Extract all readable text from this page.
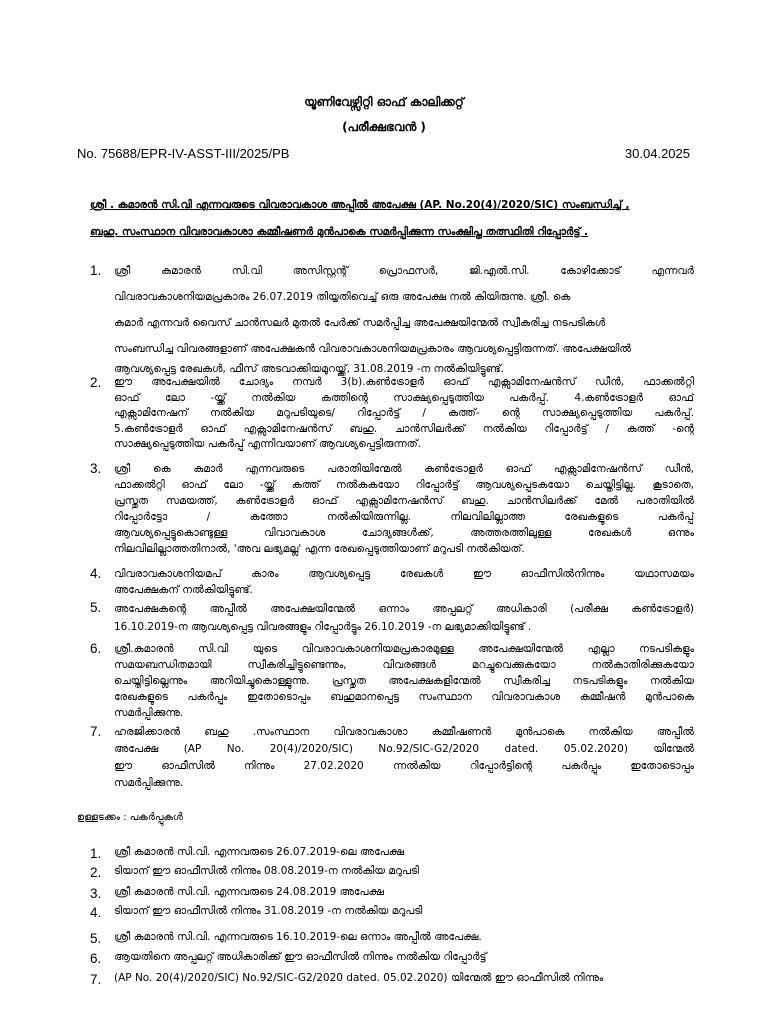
യൂണിവേഴ്സിറ്റി ഓഫ് കാലിക്കറ്റ്
(പരീക്ഷഭവൻ )
No. 75688/EPR-IV-ASST-III/2025/PB	30.04.2025
ശ്രീ . കമാരൻ സി.വി എന്നവരുടെ വിവരാവകാശ അപ്പീൽ അപേക്ഷ (AP. No.20(4)/2020/SIC) സംബന്ധിച്ച് ,
ബഹു. സംസ്ഥാന വിവരാവകാശാ കമ്മീഷണർ മുൻപാകെ സമർപ്പിക്കുന്ന സംക്ഷിപ്ത തത്സ്ഥിതി റിപ്പോർട്ട് .
1. ശ്രീ കമാരൻ സി.വി അസിസ്റ്റന്റ് പ്രൊഫസർ, ജി.എൽ.സി. കോഴിക്കോട് എന്നവർ
വിവരാവകാശനിയമപ്രകാരം 26.07.2019 തിയ്യതിവെച്ച് ഒരു അപേക്ഷ നൽ കിയിരുന്നു. ശ്രീ. കെ
കമാർ എന്നവർ വൈസ് ചാൻസലർ മുതൽ പേർക്ക് സമർപ്പിച്ച അപേക്ഷയിന്മേൽ സ്വീകരിച്ച നടപടികൾ
സംബന്ധിച്ച വിവരങ്ങളാണ് അപേക്ഷകൻ വിവരാവകാശനിയമപ്രകാരം ആവശ്യപ്പെട്ടിരുന്നത്. അപേക്ഷയിൽ
ആവശ്യപ്പെട്ട രേഖകൾ, ഫീസ് അടവാക്കിയമുറയ്ക്ക്, 31.08.2019 -ന നൽകിയിട്ടുണ്ട്.
2. ഈ അപേക്ഷയിൽ ചോദ്യം നമ്പർ 3(b).കൺട്രോളർ ഓഫ് എക്സാമിനേഷൻസ് ഡീൻ, ഫാക്കൽറ്റി
ഓഫ് ലോ -യ്ക്ക് നൽകിയ കത്തിന്റെ സാക്ഷ്യപ്പെടുത്തിയ പകർപ്പ്. 4.കൺട്രോളർ ഓഫ്
എക്സാമിനേഷന് നൽകിയ മറുപടിയുടെ/ റിപ്പോർട്ട് / കത്ത്- ന്റെ സാക്ഷ്യപ്പെടുത്തിയ പകർപ്പ്.
5.കൺട്രോളർ ഓഫ് എക്സാമിനേഷൻസ് ബഹു. ചാൻസിലർക്ക് നൽകിയ റിപ്പോർട്ട് / കത്ത് -ന്റെ
സാക്ഷ്യപ്പെടുത്തിയ പകർപ്പ് എന്നിവയാണ് ആവശ്യപ്പെട്ടിരുന്നത്.
3. ശ്രീ കെ കമാർ എന്നവരുടെ പരാതിയിന്മേൽ കൺട്രോളർ ഓഫ് എക്സാമിനേഷൻസ് ഡീൻ,
ഫാക്കൽറ്റി ഓഫ് ലോ -യ്ക്ക് കത്ത് നൽകകയോ റിപ്പോർട്ട് ആവശ്യപ്പെടകയോ ചെയ്തിട്ടില്ല. കൂടാതെ,
പ്രസ്തുത സമയത്ത്, കൺട്രോളർ ഓഫ് എക്സാമിനേഷൻസ് ബഹു. ചാൻസിലർക്ക് മേൽ പരാതിയിൽ
റിപ്പോർട്ടോ / കത്തോ നൽകിയിരുന്നില്ല. നിലവിലില്ലാത്ത രേഖകളുടെ പകർപ്പ്
ആവശ്യപ്പെട്ടുകൊണ്ടുള്ള വിവാവകാശ ചോദ്യങ്ങൾക്ക്, അത്തരത്തിലുള്ള രേഖകൾ ഒന്നും
നിലവിലില്ലാത്തതിനാൽ, 'അവ ലഭ്യമല്ല' എന്ന രേഖപ്പെടുത്തിയാണ് മറുപടി നൽകിയത്.
4. വിവരാവകാശനിയമപ് കാരം ആവശ്യപ്പെട്ട രേഖകൾ ഈ ഓഫീസിൽനിന്നും യഥാസമയം
അപേക്ഷകന് നൽകിയിട്ടുണ്ട്.
5. അപേക്ഷകന്റെ അപ്പീൽ അപേക്ഷയിന്മേൽ ഒന്നാം അപ്പലറ്റ് അധികാരി (പരീക്ഷ കൺട്രോളർ)
16.10.2019-ന ആവശ്യപ്പെട്ട വിവരങ്ങളും റിപ്പോർട്ടും 26.10.2019 -ന ലഭ്യമാക്കിയിട്ടുണ്ട് .
6. ശ്രീ.കമാരൻ സി.വി യുടെ വിവരാവകാശനിയമപ്രകാരമുള്ള അപേക്ഷയിന്മേൽ എല്ലാ നടപടികളും
സമയബന്ധിതമായി സ്വീകരിച്ചിട്ടുണ്ടെന്നും, വിവരങ്ങൾ മറച്ചുവെക്കുകയോ നൽകാതിരിക്കുകയോ
ചെയ്തിട്ടില്ലെന്നും അറിയിച്ചുകൊള്ളുന്നു. പ്രസ്തുത അപേക്ഷകളിന്മേൽ സ്വീകരിച്ച നടപടികളും നൽകിയ
രേഖകളുടെ പകർപ്പും ഇതോടൊപ്പം ബഹുമാനപ്പെട്ട സംസ്ഥാന വിവരാവകാശ കമ്മീഷൻ മുൻപാകെ
സമർപ്പിക്കുന്നു.
7. ഹരജിക്കാരൻ ബഹു .സംസ്ഥാന വിവരാവകാശാ കമ്മീഷണൻ മുൻപാകെ നൽകിയ അപ്പീൽ
അപേക്ഷ (AP No. 20(4)/2020/SIC) No.92/SIC-G2/2020 dated. 05.02.2020) യിന്മേൽ
ഈ ഓഫീസിൽ നിന്നും 27.02.2020 ന്നൽകിയ റിപ്പോർട്ടിന്റെ പകർപ്പും ഇതോടൊപ്പം
സമർപ്പിക്കുന്നു.
ഉള്ളടക്കം : പകർപ്പുകൾ
1. ശ്രീ കമാരൻ സി.വി. എന്നവരുടെ 26.07.2019-ലെ അപേക്ഷ
2. ടിയാന് ഈ ഓഫീസിൽ നിന്നും 08.08.2019-ന നൽകിയ മറുപടി
3. ശ്രീ കമാരൻ സി.വി. എന്നവരുടെ 24.08.2019 അപേക്ഷ
4. ടിയാന് ഈ ഓഫീസിൽ നിന്നും 31.08.2019 -ന നൽകിയ മറുപടി
5. ശ്രീ കമാരൻ സി.വി. എന്നവരുടെ 16.10.2019-ലെ ഒന്നാം അപ്പീൽ അപേക്ഷ.
6. ആയതിനെ അപ്പലറ്റ് അധികാരിക്ക് ഈ ഓഫീസിൽ നിന്നും നൽകിയ റിപ്പോർട്ട്
7. (AP No. 20(4)/2020/SIC) No.92/SIC-G2/2020 dated. 05.02.2020) യിന്മേൽ ഈ ഓഫീസിൽ നിന്നും
